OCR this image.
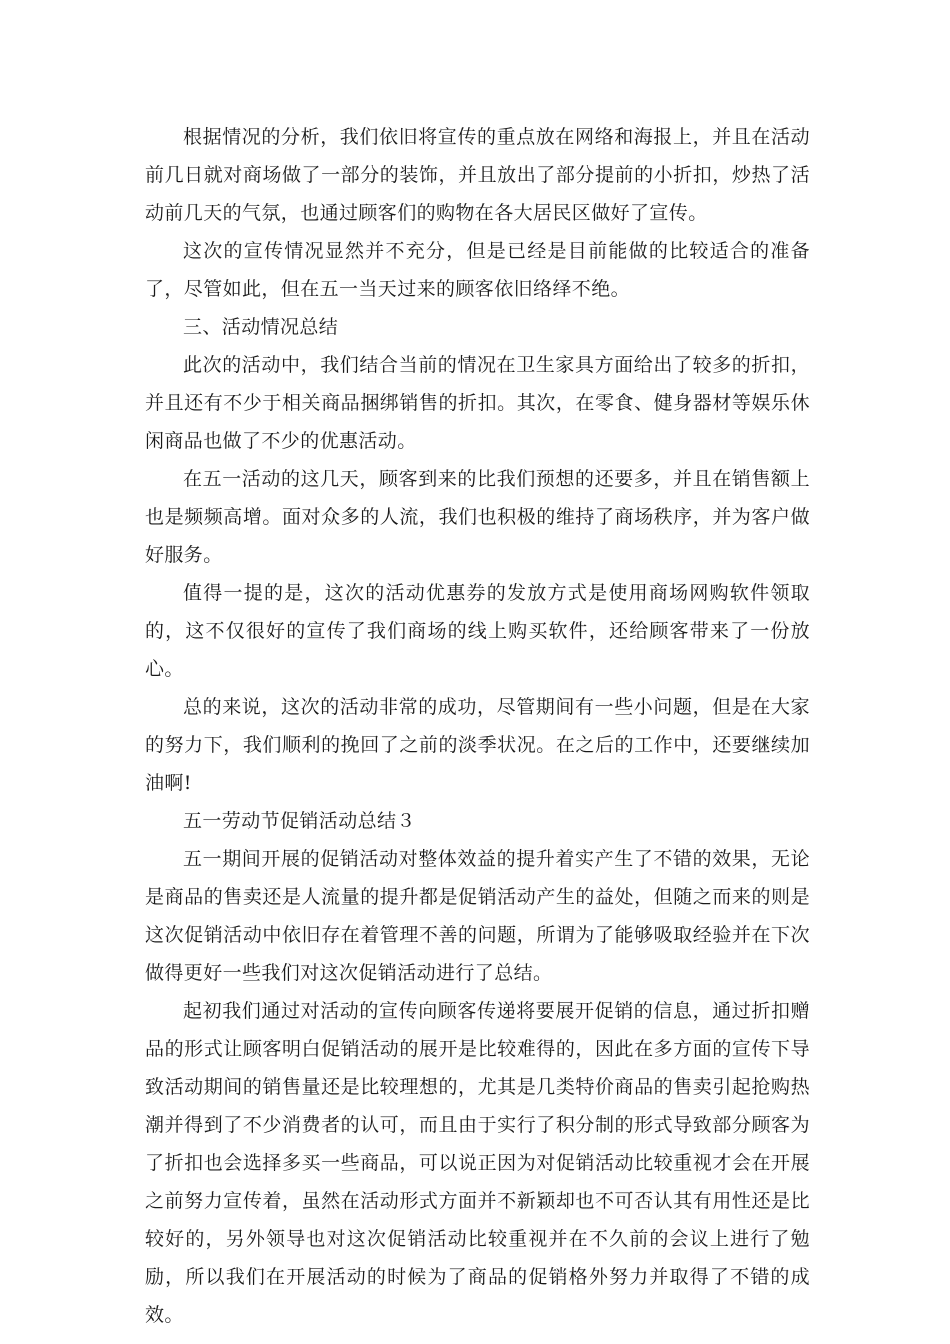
根据情况的分析，我们依旧将宣传的重点放在网络和海报上，并且在活动前几日就对商场做了一部分的装饰，并且放出了部分提前的小折扣，炒热了活动前几天的气氛，也通过顾客们的购物在各大居民区做好了宣传。

这次的宣传情况显然并不充分，但是已经是目前能做的比较适合的准备了，尽管如此，但在五一当天过来的顾客依旧络绎不绝。

三、活动情况总结

此次的活动中，我们结合当前的情况在卫生家具方面给出了较多的折扣，并且还有不少于相关商品捆绑销售的折扣。其次，在零食、健身器材等娱乐休闲商品也做了不少的优惠活动。

在五一活动的这几天，顾客到来的比我们预想的还要多，并且在销售额上也是频频高增。面对众多的人流，我们也积极的维持了商场秩序，并为客户做好服务。

值得一提的是，这次的活动优惠券的发放方式是使用商场网购软件领取的，这不仅很好的宣传了我们商场的线上购买软件，还给顾客带来了一份放心。

总的来说，这次的活动非常的成功，尽管期间有一些小问题，但是在大家的努力下，我们顺利的挽回了之前的淡季状况。在之后的工作中，还要继续加油啊!

五一劳动节促销活动总结３

五一期间开展的促销活动对整体效益的提升着实产生了不错的效果，无论是商品的售卖还是人流量的提升都是促销活动产生的益处，但随之而来的则是这次促销活动中依旧存在着管理不善的问题，所谓为了能够吸取经验并在下次做得更好一些我们对这次促销活动进行了总结。

起初我们通过对活动的宣传向顾客传递将要展开促销的信息，通过折扣赠品的形式让顾客明白促销活动的展开是比较难得的，因此在多方面的宣传下导致活动期间的销售量还是比较理想的，尤其是几类特价商品的售卖引起抢购热潮并得到了不少消费者的认可，而且由于实行了积分制的形式导致部分顾客为了折扣也会选择多买一些商品，可以说正因为对促销活动比较重视才会在开展之前努力宣传着，虽然在活动形式方面并不新颖却也不可否认其有用性还是比较好的，另外领导也对这次促销活动比较重视并在不久前的会议上进行了勉励，所以我们在开展活动的时候为了商品的促销格外努力并取得了不错的成效。
